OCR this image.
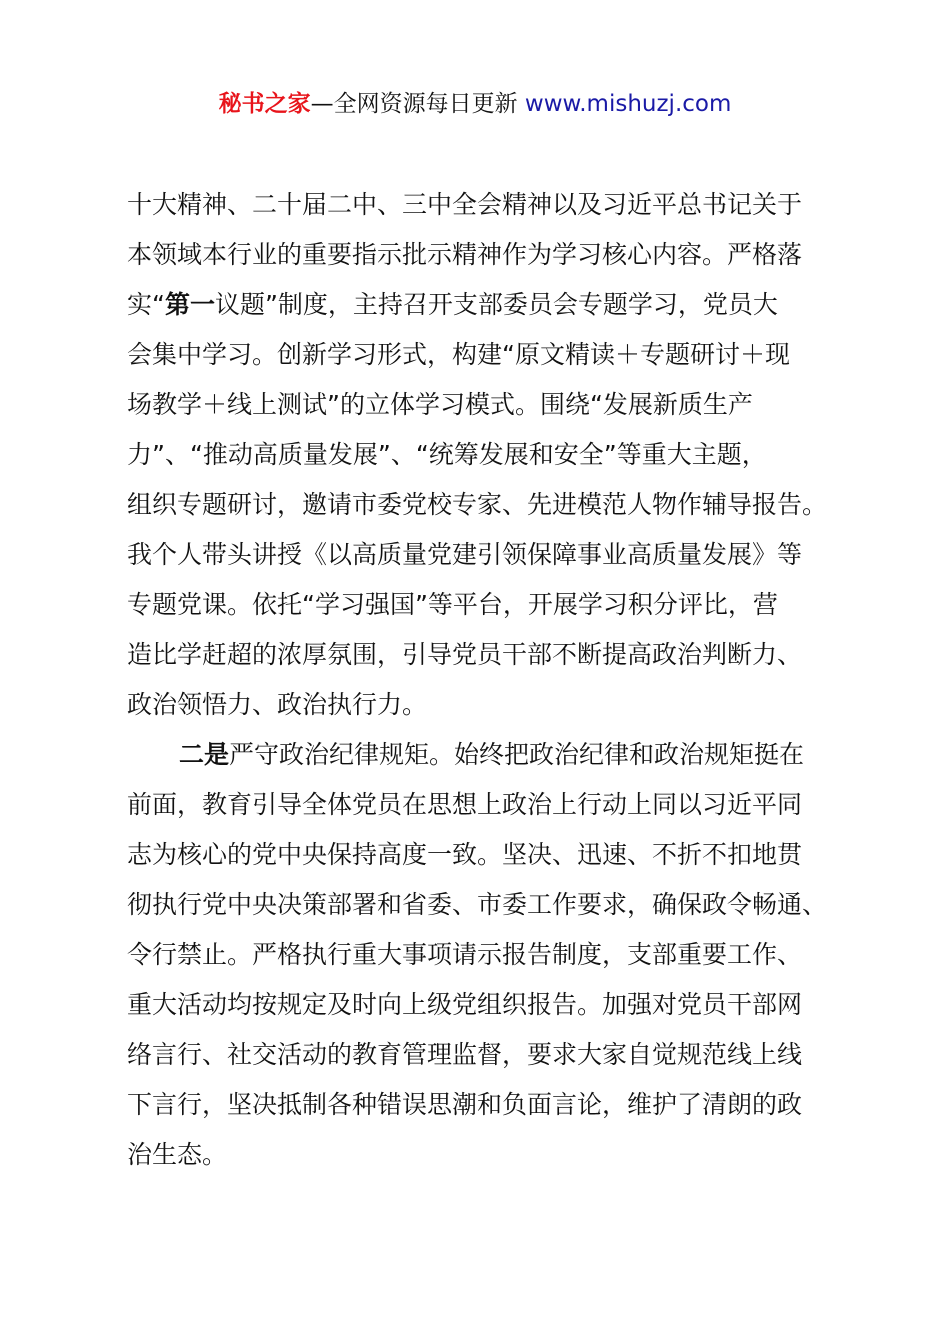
秘书之家—全网资源每日更新 www.mishuzj.com
十大精神、二十届二中、三中全会精神以及习近平总书记关于
本领域本行业的重要指示批示精神作为学习核心内容。严格落
实“第一议题”制度，主持召开支部委员会专题学习，党员大
会集中学习。创新学习形式，构建“原文精读＋专题研讨＋现
场教学＋线上测试”的立体学习模式。围绕“发展新质生产
力”、“推动高质量发展”、“统筹发展和安全”等重大主题，
组织专题研讨，邀请市委党校专家、先进模范人物作辅导报告。
我个人带头讲授《以高质量党建引领保障事业高质量发展》等
专题党课。依托“学习强国”等平台，开展学习积分评比，营
造比学赶超的浓厚氛围，引导党员干部不断提高政治判断力、
政治领悟力、政治执行力。
二是严守政治纪律规矩。始终把政治纪律和政治规矩挺在
前面，教育引导全体党员在思想上政治上行动上同以习近平同
志为核心的党中央保持高度一致。坚决、迅速、不折不扣地贯
彻执行党中央决策部署和省委、市委工作要求，确保政令畅通、
令行禁止。严格执行重大事项请示报告制度，支部重要工作、
重大活动均按规定及时向上级党组织报告。加强对党员干部网
络言行、社交活动的教育管理监督，要求大家自觉规范线上线
下言行，坚决抵制各种错误思潮和负面言论，维护了清朗的政
治生态。
